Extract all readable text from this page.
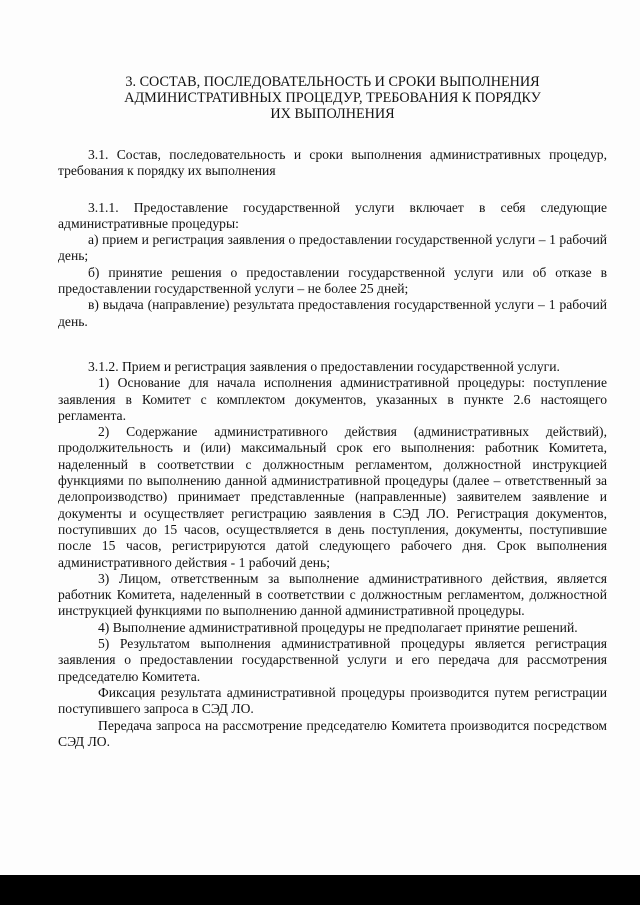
3. СОСТАВ, ПОСЛЕДОВАТЕЛЬНОСТЬ И СРОКИ ВЫПОЛНЕНИЯ
АДМИНИСТРАТИВНЫХ ПРОЦЕДУР, ТРЕБОВАНИЯ К ПОРЯДКУ
ИХ ВЫПОЛНЕНИЯ

3.1. Состав, последовательность и сроки выполнения административных процедур, требования к порядку их выполнения

3.1.1. Предоставление государственной услуги включает в себя следующие административные процедуры:

а) прием и регистрация заявления о предоставлении государственной услуги – 1 рабочий день;

б) принятие решения о предоставлении государственной услуги или об отказе в предоставлении государственной услуги – не более 25 дней;

в) выдача (направление) результата предоставления государственной услуги – 1 рабочий день.

3.1.2. Прием и регистрация заявления о предоставлении государственной услуги.

1) Основание для начала исполнения административной процедуры: поступление заявления в Комитет с комплектом документов, указанных в пункте 2.6 настоящего регламента.

2) Содержание административного действия (административных действий), продолжительность и (или) максимальный срок его выполнения: работник Комитета, наделенный в соответствии с должностным регламентом, должностной инструкцией функциями по выполнению данной административной процедуры (далее – ответственный за делопроизводство) принимает представленные (направленные) заявителем заявление и документы и осуществляет регистрацию заявления в СЭД ЛО. Регистрация документов, поступивших до 15 часов, осуществляется в день поступления, документы, поступившие после 15 часов, регистрируются датой следующего рабочего дня. Срок выполнения административного действия - 1 рабочий день;

3) Лицом, ответственным за выполнение административного действия, является работник Комитета, наделенный в соответствии с должностным регламентом, должностной инструкцией функциями по выполнению данной административной процедуры.

4) Выполнение административной процедуры не предполагает принятие решений.

5) Результатом выполнения административной процедуры является регистрация заявления о предоставлении государственной услуги и его передача для рассмотрения председателю Комитета.

Фиксация результата административной процедуры производится путем регистрации поступившего запроса в СЭД ЛО.

Передача запроса на рассмотрение председателю Комитета производится посредством СЭД ЛО.
